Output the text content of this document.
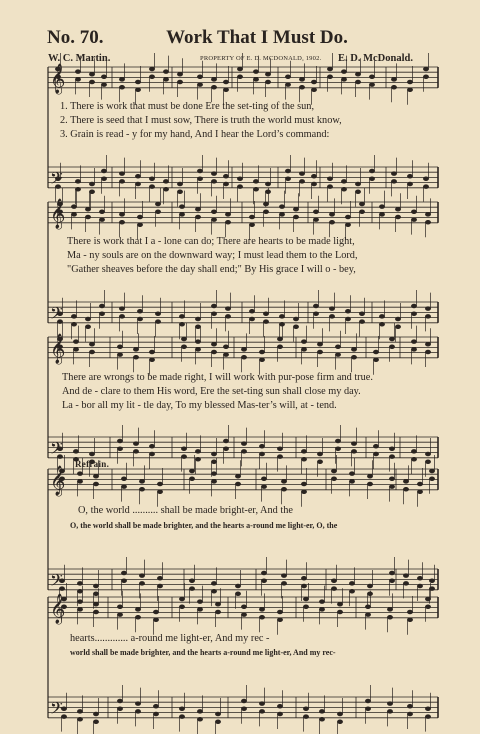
𝄞
𝄢
𝄞
𝄢
𝄞
𝄢
𝄞
𝄢
𝄞
𝄢
No. 70.	Work That I Must Do.
W. C. Martin.	PROPERTY OF E. D. MCDONALD, 1902. E. D. McDonald.
1. There is work that must be done Ere the set-ting of the sun,
2. There is seed that I must sow, There is truth the world must know,
3. Grain is read - y for my hand, And I hear the Lord’s command:
There is work that I a - lone can do; There are hearts to be made light,
Ma - ny souls are on the downward way; I must lead them to the Lord,
"Gather sheaves before the day shall end;" By His grace I will o - bey,
There are wrongs to be made right, I will work with pur-pose firm and true.
And de - clare to them His word, Ere the set-ting sun shall close my day.
La - bor all my lit - tle day, To my blessed Mas-ter’s will, at - tend.
Refrain.
O, the world .......... shall be made bright-er, And the
O, the world shall be made brighter, and the hearts a-round me light-er, O, the
hearts............. a-round me light-er, And my rec -
world shall be made brighter, and the hearts a-round me light-er, And my rec-
